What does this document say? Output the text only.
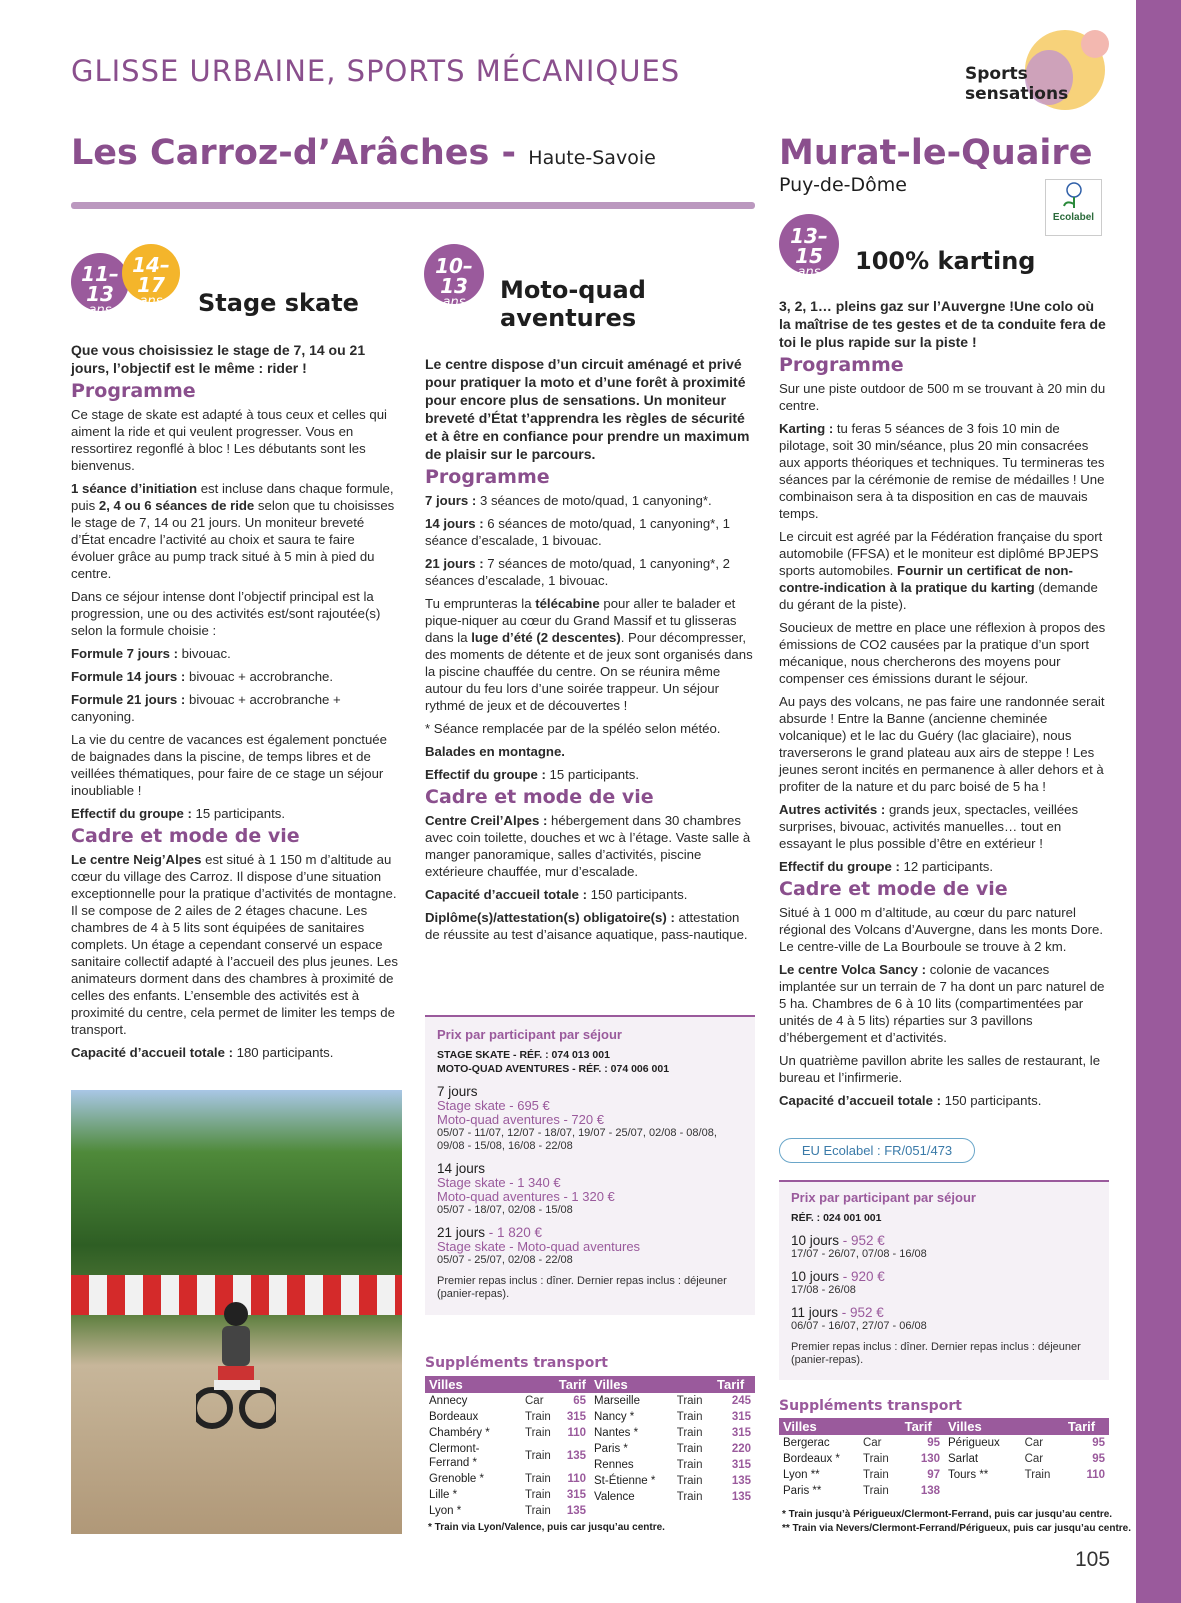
GLISSE URBAINE, SPORTS MÉCANIQUES	Sports sensations
Les Carroz-d’Arâches - Haute-Savoie
11–13
ans
14–17
ans	Stage skate

Que vous choisissiez le stage de 7, 14 ou 21 jours, l’objectif est le même : rider !

Programme

Ce stage de skate est adapté à tous ceux et celles qui aiment la ride et qui veulent progresser. Vous en ressortirez regonflé à bloc ! Les débutants sont les bienvenus.

1 séance d’initiation est incluse dans chaque formule, puis 2, 4 ou 6 séances de ride selon que tu choisisses le stage de 7, 14 ou 21 jours. Un moniteur breveté d’État encadre l’activité au choix et saura te faire évoluer grâce au pump track situé à 5 min à pied du centre.

Dans ce séjour intense dont l’objectif principal est la progression, une ou des activités est/sont rajoutée(s) selon la formule choisie :

Formule 7 jours : bivouac.

Formule 14 jours : bivouac + accrobranche.

Formule 21 jours : bivouac + accrobranche + canyoning.

La vie du centre de vacances est également ponctuée de baignades dans la piscine, de temps libres et de veillées thématiques, pour faire de ce stage un séjour inoubliable !

Effectif du groupe : 15 participants.

Cadre et mode de vie

Le centre Neig’Alpes est situé à 1 150 m d’altitude au cœur du village des Carroz. Il dispose d’une situation exceptionnelle pour la pratique d’activités de montagne. Il se compose de 2 ailes de 2 étages chacune. Les chambres de 4 à 5 lits sont équipées de sanitaires complets. Un étage a cependant conservé un espace sanitaire collectif adapté à l’accueil des plus jeunes. Les animateurs dorment dans des chambres à proximité de celles des enfants. L’ensemble des activités est à proximité du centre, cela permet de limiter les temps de transport.

Capacité d’accueil totale : 180 participants.

10–13
ans	Moto-quad
aventures

Le centre dispose d’un circuit aménagé et privé pour pratiquer la moto et d’une forêt à proximité pour encore plus de sensations. Un moniteur breveté d’État t’apprendra les règles de sécurité et à être en confiance pour prendre un maximum de plaisir sur le parcours.

Programme

7 jours : 3 séances de moto/quad, 1 canyoning*.

14 jours : 6 séances de moto/quad, 1 canyoning*, 1 séance d’escalade, 1 bivouac.

21 jours : 7 séances de moto/quad, 1 canyoning*, 2 séances d’escalade, 1 bivouac.

Tu emprunteras la télécabine pour aller te balader et pique-niquer au cœur du Grand Massif et tu glisseras dans la luge d’été (2 descentes). Pour décompresser, des moments de détente et de jeux sont organisés dans la piscine chauffée du centre. On se réunira même autour du feu lors d’une soirée trappeur. Un séjour rythmé de jeux et de découvertes !

* Séance remplacée par de la spéléo selon météo.

Balades en montagne.

Effectif du groupe : 15 participants.

Cadre et mode de vie

Centre Creil’Alpes : hébergement dans 30 chambres avec coin toilette, douches et wc à l’étage. Vaste salle à manger panoramique, salles d’activités, piscine extérieure chauffée, mur d’escalade.

Capacité d’accueil totale : 150 participants.

Diplôme(s)/attestation(s) obligatoire(s) : attestation de réussite au test d’aisance aquatique, pass-nautique.

Prix par participant par séjour
STAGE SKATE - RÉF. : 074 013 001
MOTO-QUAD AVENTURES - RÉF. : 074 006 001
7 jours
Stage skate - 695 €
Moto-quad aventures - 720 €
05/07 - 11/07, 12/07 - 18/07, 19/07 - 25/07, 02/08 - 08/08, 09/08 - 15/08, 16/08 - 22/08
14 jours
Stage skate - 1 340 €
Moto-quad aventures - 1 320 €
05/07 - 18/07, 02/08 - 15/08
21 jours - 1 820 €
Stage skate - Moto-quad aventures
05/07 - 25/07, 02/08 - 22/08
Premier repas inclus : dîner. Dernier repas inclus : déjeuner (panier-repas).
Suppléments transport
Villes		Tarif
Annecy	Car	65
Bordeaux	Train	315
Chambéry *	Train	110
Clermont-Ferrand *	Train	135
Grenoble *	Train	110
Lille *	Train	315
Lyon *	Train	135
Villes		Tarif
Marseille	Train	245
Nancy *	Train	315
Nantes *	Train	315
Paris *	Train	220
Rennes	Train	315
St-Étienne *	Train	135
Valence	Train	135
* Train via Lyon/Valence, puis car jusqu’au centre.
Murat-le-Quaire
Puy-de-Dôme
Ecolabel
13–15
ans	100% karting

3, 2, 1… pleins gaz sur l’Auvergne !Une colo où la maîtrise de tes gestes et de ta conduite fera de toi le plus rapide sur la piste !

Programme

Sur une piste outdoor de 500 m se trouvant à 20 min du centre.

Karting : tu feras 5 séances de 3 fois 10 min de pilotage, soit 30 min/séance, plus 20 min consacrées aux apports théoriques et techniques. Tu termineras tes séances par la cérémonie de remise de médailles ! Une combinaison sera à ta disposition en cas de mauvais temps.

Le circuit est agréé par la Fédération française du sport automobile (FFSA) et le moniteur est diplômé BPJEPS sports automobiles. Fournir un certificat de non-contre-indication à la pratique du karting (demande du gérant de la piste).

Soucieux de mettre en place une réflexion à propos des émissions de CO2 causées par la pratique d’un sport mécanique, nous chercherons des moyens pour compenser ces émissions durant le séjour.

Au pays des volcans, ne pas faire une randonnée serait absurde ! Entre la Banne (ancienne cheminée volcanique) et le lac du Guéry (lac glaciaire), nous traverserons le grand plateau aux airs de steppe ! Les jeunes seront incités en permanence à aller dehors et à profiter de la nature et du parc boisé de 5 ha !

Autres activités : grands jeux, spectacles, veillées surprises, bivouac, activités manuelles… tout en essayant le plus possible d’être en extérieur !

Effectif du groupe : 12 participants.

Cadre et mode de vie

Situé à 1 000 m d’altitude, au cœur du parc naturel régional des Volcans d’Auvergne, dans les monts Dore. Le centre-ville de La Bourboule se trouve à 2 km.

Le centre Volca Sancy : colonie de vacances implantée sur un terrain de 7 ha dont un parc naturel de 5 ha. Chambres de 6 à 10 lits (compartimentées par unités de 4 à 5 lits) réparties sur 3 pavillons d’hébergement et d’activités.

Un quatrième pavillon abrite les salles de restaurant, le bureau et l’infirmerie.

Capacité d’accueil totale : 150 participants.

EU Ecolabel : FR/051/473
Prix par participant par séjour
RÉF. : 024 001 001
10 jours - 952 €
17/07 - 26/07, 07/08 - 16/08
10 jours - 920 €
17/08 - 26/08
11 jours - 952 €
06/07 - 16/07, 27/07 - 06/08
Premier repas inclus : dîner. Dernier repas inclus : déjeuner (panier-repas).
Suppléments transport
Villes		Tarif
Bergerac	Car	95
Bordeaux *	Train	130
Lyon **	Train	97
Paris **	Train	138
Villes		Tarif
Périgueux	Car	95
Sarlat	Car	95
Tours **	Train	110
* Train jusqu’à Périgueux/Clermont-Ferrand, puis car jusqu’au centre.
** Train via Nevers/Clermont-Ferrand/Périgueux, puis car jusqu’au centre.
105
